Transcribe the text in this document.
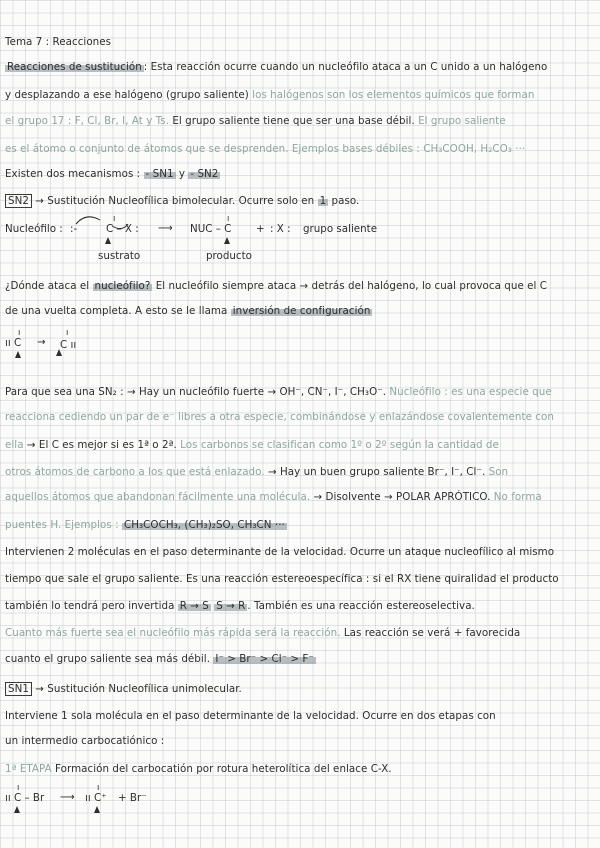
Tema 7 : Reacciones
Reacciones de sustitución : Esta reacción ocurre cuando un nucleófilo ataca a un C unido a un halógeno
y desplazando a ese halógeno (grupo saliente) los halógenos son los elementos químicos que forman
el grupo 17 : F, Cl, Br, I, At y Ts. El grupo saliente tiene que ser una base débil. El grupo saliente
es el átomo o conjunto de átomos que se desprenden. Ejemplos bases débiles : CH₃COOH, H₂CO₃ ···
Existen dos mecanismos : - SN1 y - SN2
SN2 → Sustitución Nucleofílica bimolecular. Ocurre solo en 1 paso.
Nucleófilo : :-
ı
C – X : ⟶
ı
NUC – C + : X : grupo saliente
sustrato	producto
¿Dónde ataca el nucleófilo? El nucleófilo siempre ataca → detrás del halógeno, lo cual provoca que el C
de una vuelta completa. A esto se le llama inversión de configuración
ı
ıı C →
ı
C ıı
Para que sea una SN₂ : → Hay un nucleófilo fuerte → OH⁻, CN⁻, I⁻, CH₃O⁻. Nucleófilo : es una especie que
reacciona cediendo un par de e⁻ libres a otra especie, combinándose y enlazándose covalentemente con
ella → El C es mejor si es 1ª o 2ª. Los carbonos se clasifican como 1º o 2º según la cantidad de
otros átomos de carbono a los que está enlazado. → Hay un buen grupo saliente Br⁻, I⁻, Cl⁻. Son
aquellos átomos que abandonan fácilmente una molécula. → Disolvente → POLAR APRÓTICO. No forma
puentes H. Ejemplos : CH₃COCH₃, (CH₃)₂SO, CH₃CN ···
Intervienen 2 moléculas en el paso determinante de la velocidad. Ocurre un ataque nucleofílico al mismo
tiempo que sale el grupo saliente. Es una reacción estereoespecífica : si el RX tiene quiralidad el producto
también lo tendrá pero invertida R → S S → R . También es una reacción estereoselectiva.
Cuanto más fuerte sea el nucleófilo más rápida será la reacción. Las reacción se verá + favorecida
cuanto el grupo saliente sea más débil. I⁻ > Br⁻ > Cl⁻ > F⁻
SN1 → Sustitución Nucleofílica unimolecular.
Interviene 1 sola molécula en el paso determinante de la velocidad. Ocurre en dos etapas con
un intermedio carbocatiónico :
1ª ETAPA Formación del carbocatión por rotura heterolítica del enlace C-X.
ı
ıı C – Br ⟶
ı
ıı C⁺ + Br⁻
